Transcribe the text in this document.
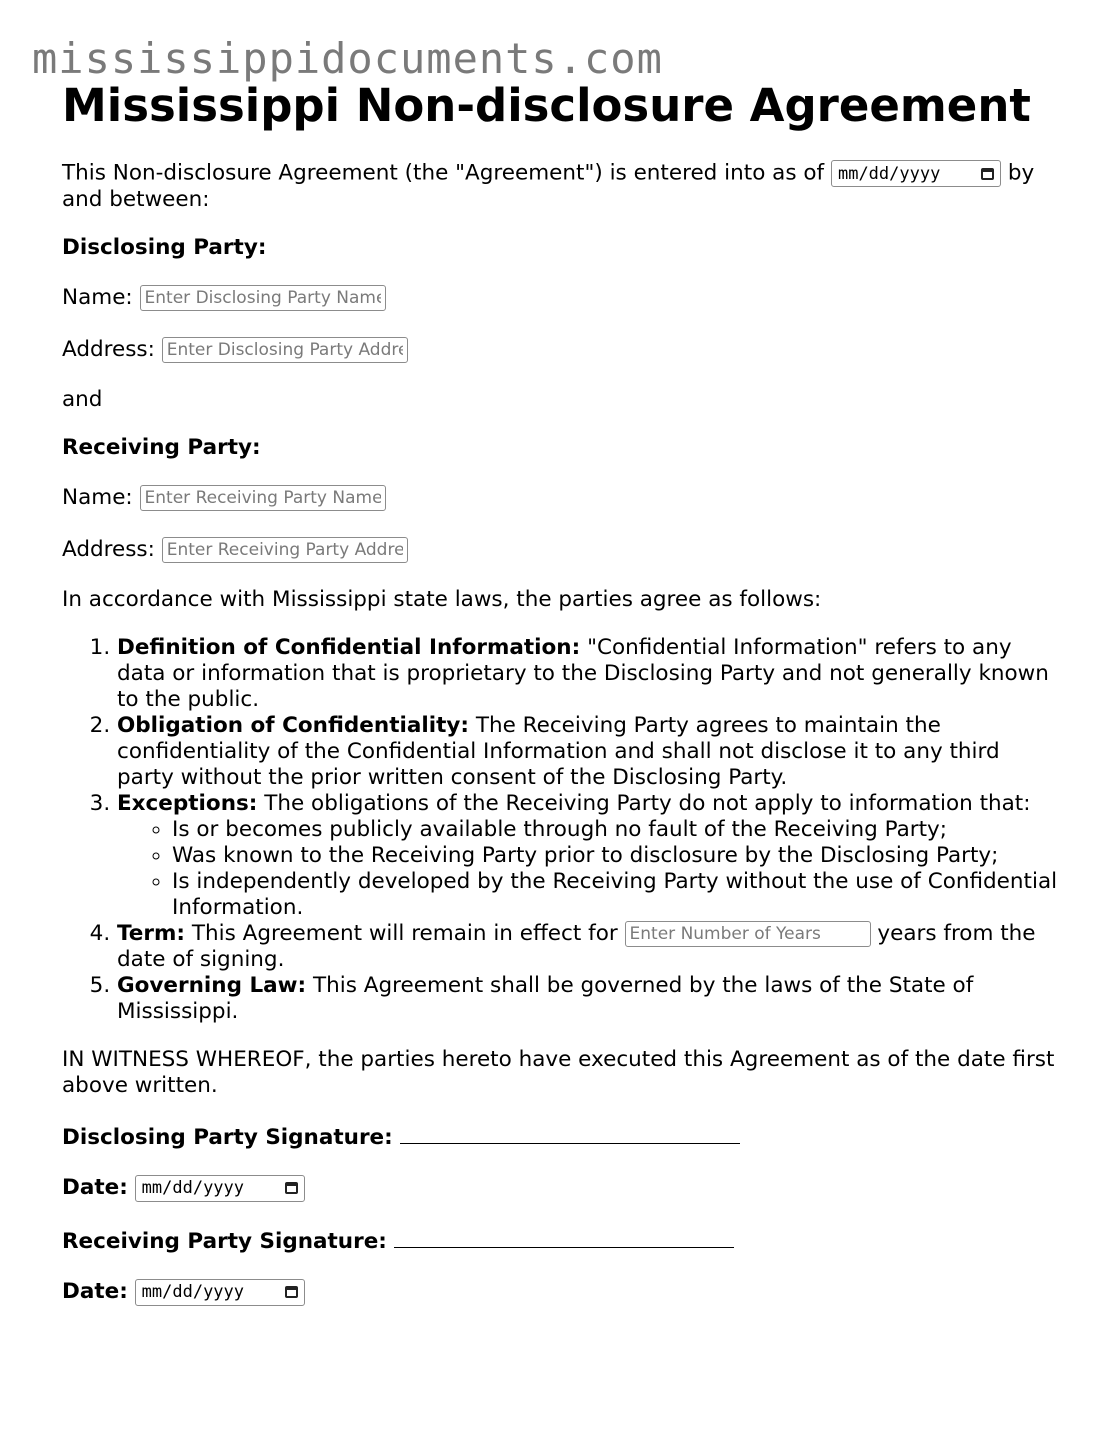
mississippidocuments.com
Mississippi Non-disclosure Agreement

This Non-disclosure Agreement (the "Agreement") is entered into as of mm/dd/yyyy	by and between:

Disclosing Party:

Name: Enter Disclosing Party Name
Address: Enter Disclosing Party Address

and

Receiving Party:

Name: Enter Receiving Party Name
Address: Enter Receiving Party Address

In accordance with Mississippi state laws, the parties agree as follows:

1. Definition of Confidential Information: "Confidential Information" refers to any data or information that is proprietary to the Disclosing Party and not generally known to the public.
2. Obligation of Confidentiality: The Receiving Party agrees to maintain the confidentiality of the Confidential Information and shall not disclose it to any third party without the prior written consent of the Disclosing Party.
3. Exceptions: The obligations of the Receiving Party do not apply to information that:
◦ Is or becomes publicly available through no fault of the Receiving Party;
◦ Was known to the Receiving Party prior to disclosure by the Disclosing Party;
◦ Is independently developed by the Receiving Party without the use of Confidential Information.
4. Term: This Agreement will remain in effect for Enter Number of Years	years from the date of signing.
5. Governing Law: This Agreement shall be governed by the laws of the State of Mississippi.

IN WITNESS WHEREOF, the parties hereto have executed this Agreement as of the date first above written.

Disclosing Party Signature:

Date: mm/dd/yyyy

Receiving Party Signature:

Date: mm/dd/yyyy
